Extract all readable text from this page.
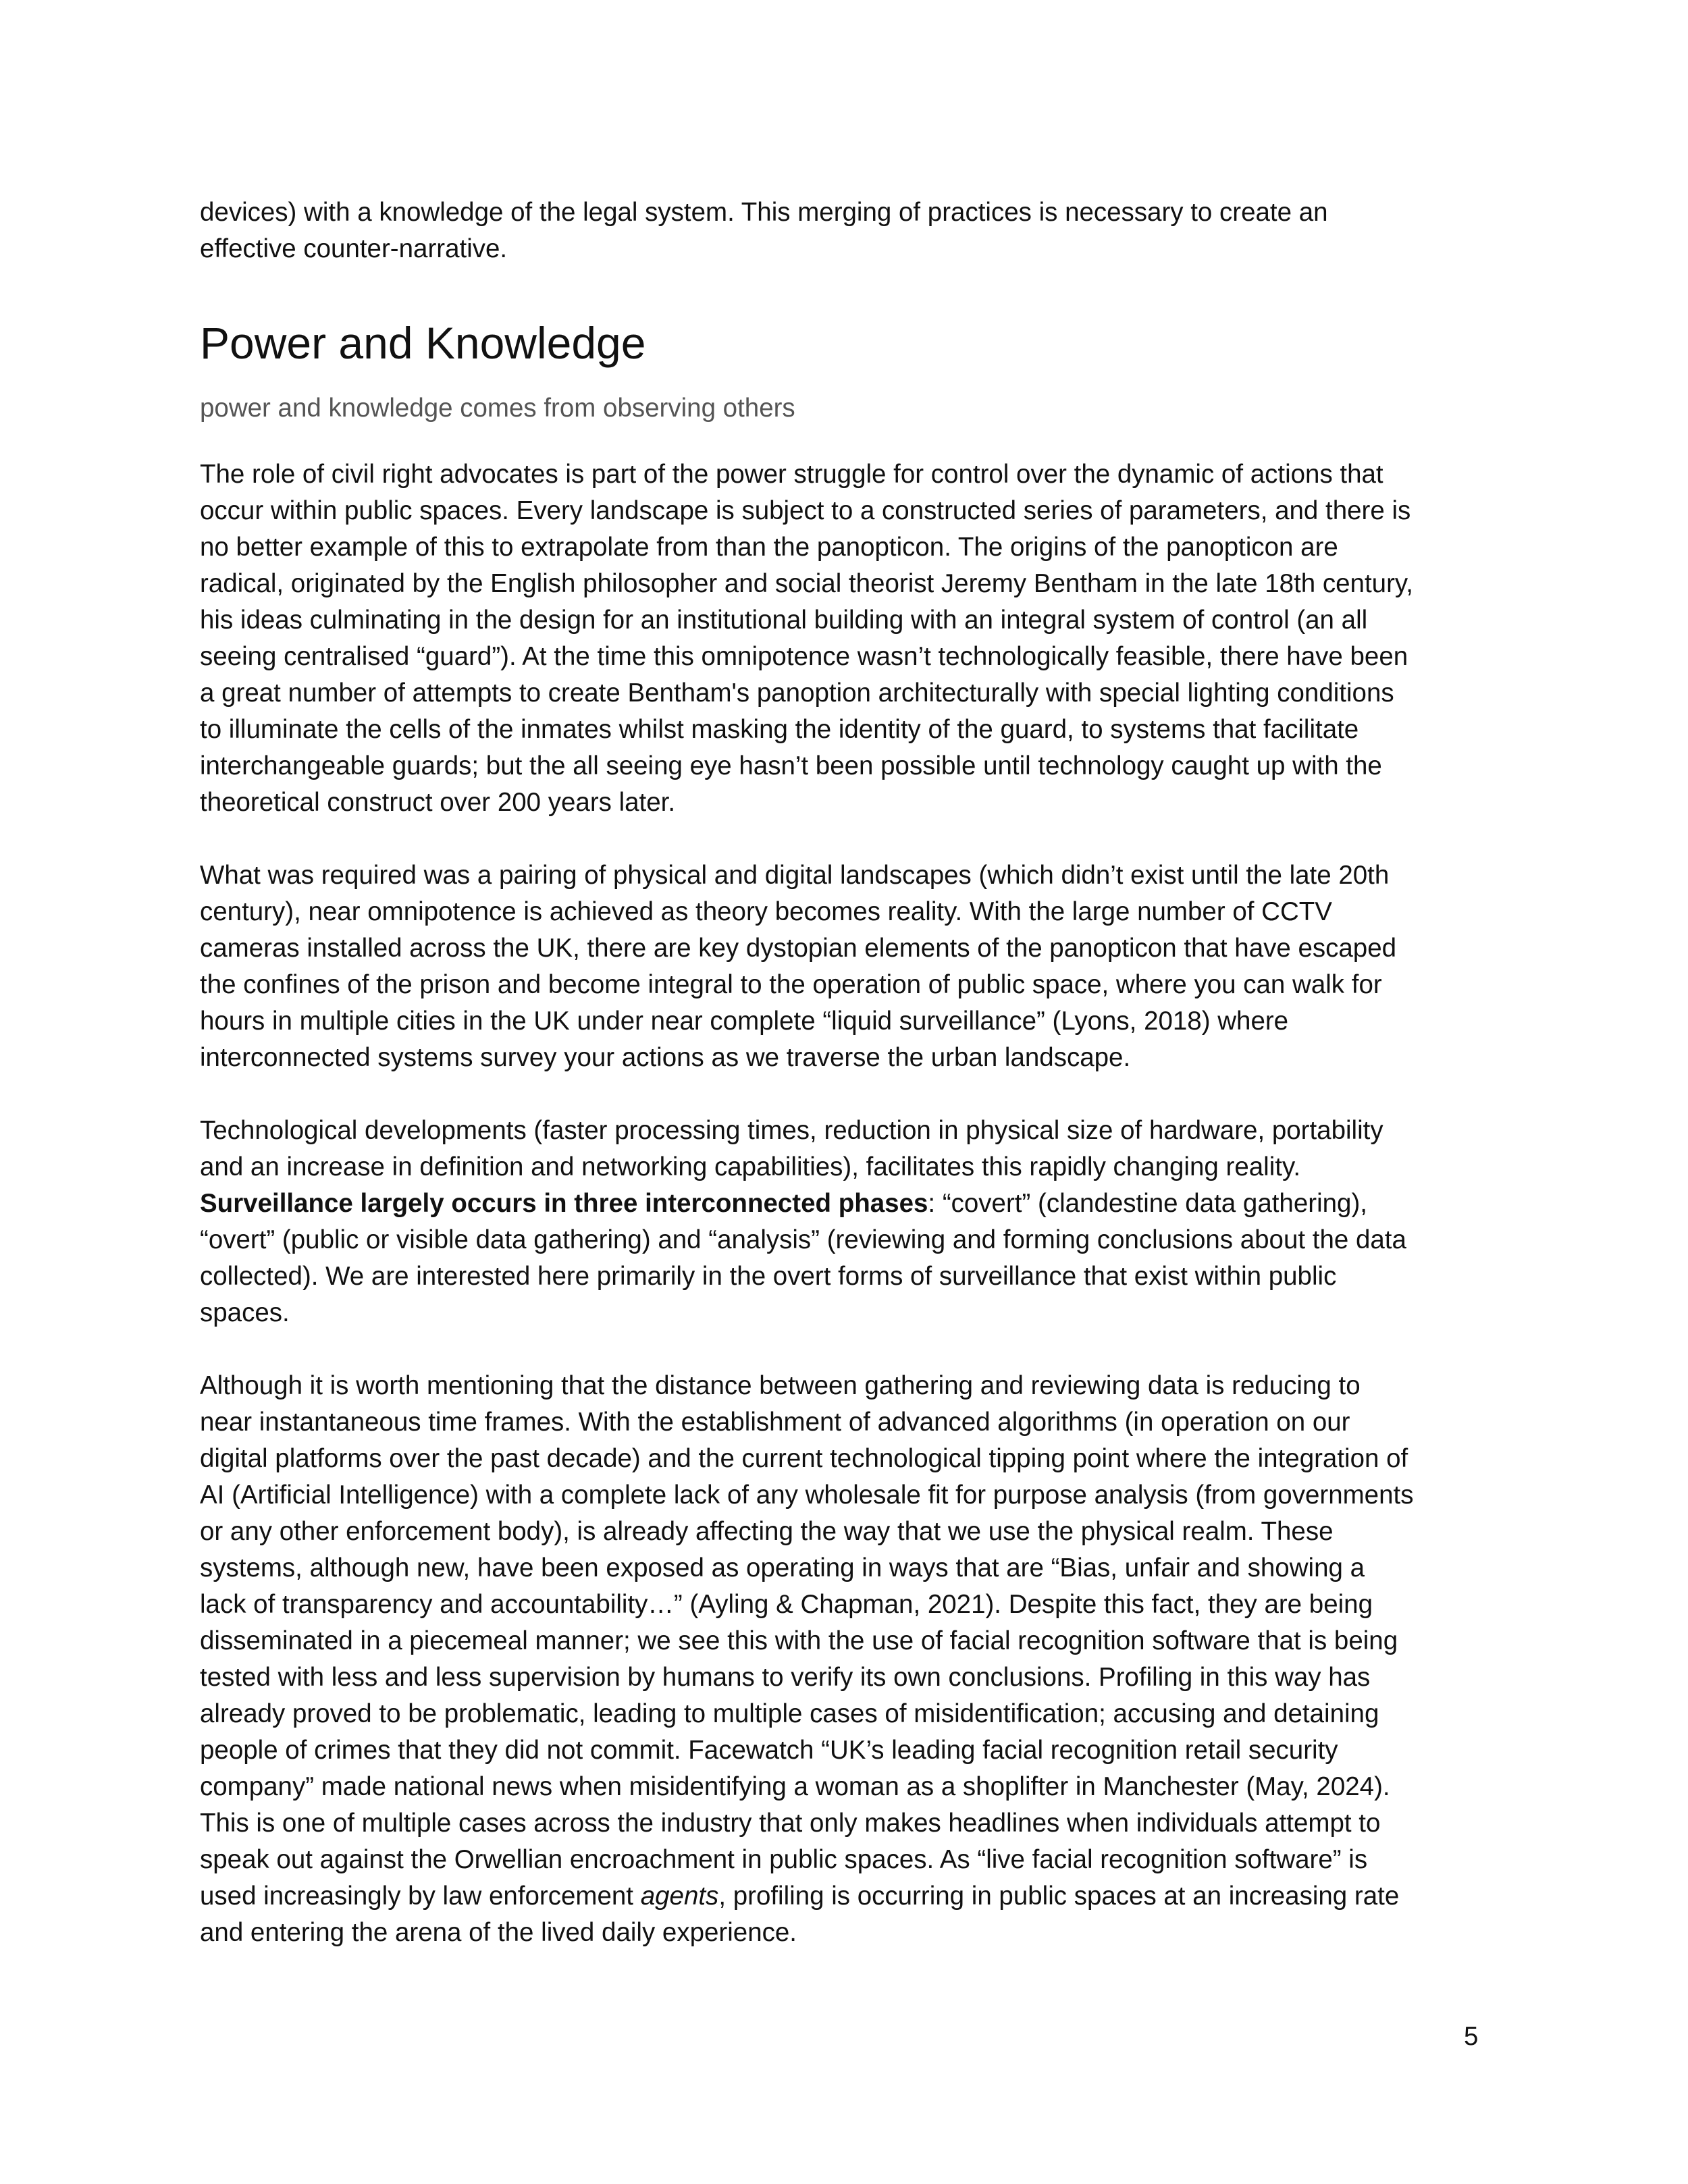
devices) with a knowledge of the legal system. This merging of practices is necessary to create an
effective counter-narrative.

Power and Knowledge

power and knowledge comes from observing others

The role of civil right advocates is part of the power struggle for control over the dynamic of actions that
occur within public spaces. Every landscape is subject to a constructed series of parameters, and there is
no better example of this to extrapolate from than the panopticon. The origins of the panopticon are
radical, originated by the English philosopher and social theorist Jeremy Bentham in the late 18th century,
his ideas culminating in the design for an institutional building with an integral system of control (an all
seeing centralised “guard”). At the time this omnipotence wasn’t technologically feasible, there have been
a great number of attempts to create Bentham's panoption architecturally with special lighting conditions
to illuminate the cells of the inmates whilst masking the identity of the guard, to systems that facilitate
interchangeable guards; but the all seeing eye hasn’t been possible until technology caught up with the
theoretical construct over 200 years later.

What was required was a pairing of physical and digital landscapes (which didn’t exist until the late 20th
century), near omnipotence is achieved as theory becomes reality. With the large number of CCTV
cameras installed across the UK, there are key dystopian elements of the panopticon that have escaped
the confines of the prison and become integral to the operation of public space, where you can walk for
hours in multiple cities in the UK under near complete “liquid surveillance” (Lyons, 2018) where
interconnected systems survey your actions as we traverse the urban landscape.

Technological developments (faster processing times, reduction in physical size of hardware, portability
and an increase in definition and networking capabilities), facilitates this rapidly changing reality.
Surveillance largely occurs in three interconnected phases: “covert” (clandestine data gathering),
“overt” (public or visible data gathering) and “analysis” (reviewing and forming conclusions about the data
collected). We are interested here primarily in the overt forms of surveillance that exist within public
spaces.

Although it is worth mentioning that the distance between gathering and reviewing data is reducing to
near instantaneous time frames. With the establishment of advanced algorithms (in operation on our
digital platforms over the past decade) and the current technological tipping point where the integration of
AI (Artificial Intelligence) with a complete lack of any wholesale fit for purpose analysis (from governments
or any other enforcement body), is already affecting the way that we use the physical realm. These
systems, although new, have been exposed as operating in ways that are “Bias, unfair and showing a
lack of transparency and accountability…” (Ayling & Chapman, 2021). Despite this fact, they are being
disseminated in a piecemeal manner; we see this with the use of facial recognition software that is being
tested with less and less supervision by humans to verify its own conclusions. Profiling in this way has
already proved to be problematic, leading to multiple cases of misidentification; accusing and detaining
people of crimes that they did not commit. Facewatch “UK’s leading facial recognition retail security
company” made national news when misidentifying a woman as a shoplifter in Manchester (May, 2024).
This is one of multiple cases across the industry that only makes headlines when individuals attempt to
speak out against the Orwellian encroachment in public spaces. As “live facial recognition software” is
used increasingly by law enforcement agents, profiling is occurring in public spaces at an increasing rate
and entering the arena of the lived daily experience.

5
